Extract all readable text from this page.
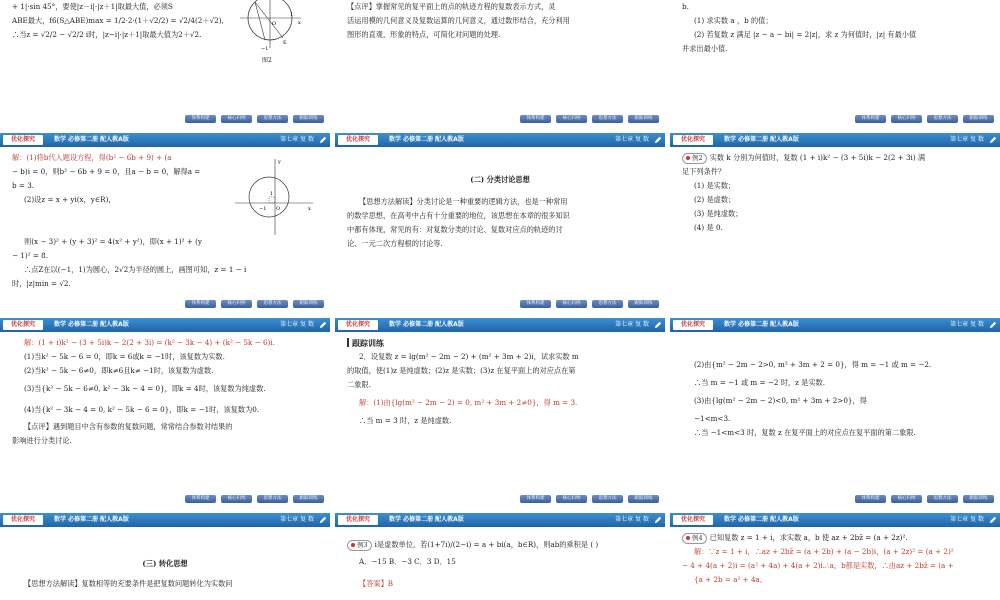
+ 1|·sin 45°，要使|z－i|·|z＋1|取最大值，必须S

ABE最大，f6(S△ABE)max = 1/2·2·(1＋√2/2) = √2/4(2＋√2),

∴当z = √2/2 − √2/2 i时，|z−i|·|z＋1|取最大值为2＋√2.

O
1
x
−1
E
图2
体系构建	核心归纳	思想方法	跟踪训练

【点评】掌握常见的复平面上的点的轨迹方程的复数表示方式，灵

活运用模的几何意义及复数运算的几何意义，通过数形结合，充分利用

图形的直观、形象的特点，可简化对问题的处理.

体系构建	核心归纳	思想方法	跟踪训练

b.

(1) 求实数 a ，b 的值；

(2) 若复数 z 满足 |z − a − bi| = 2|z|，求 z 为何值时，|z| 有最小值

并求出最小值.

体系构建	核心归纳	思想方法	跟踪训练
优化探究	数学 必修第二册 配人教A版	第七章 复 数

解：(1)将b代入题设方程，得(b² − 6b + 9) + (a

− b)i = 0，则b² − 6b + 9 = 0，且a − b = 0，解得a =

b = 3.

(2)设z = x + yi(x，y∈R)，

则(x − 3)² + (y + 3)² = 4(x² + y²)，即(x + 1)² + (y

− 1)² = 8.

∴点Z在以(−1，1)为圆心，2√2为半径的圆上，画图可知，z = 1 − i

时，|z|min = √2.

y
1
−1 O	x
体系构建	核心归纳	思想方法	跟踪训练
优化探究	数学 必修第二册 配人教A版	第七章 复 数

(二) 分类讨论思想

【思想方法解读】分类讨论是一种重要的逻辑方法，也是一种常用

的数学思想，在高考中占有十分重要的地位，该思想在本章的很多知识

中都有体现，常见的有：对复数分类的讨论、复数对应点的轨迹的讨

论、一元二次方程根的讨论等.

体系构建	核心归纳	思想方法	跟踪训练
优化探究	数学 必修第二册 配人教A版	第七章 复 数

例2 实数 k 分别为何值时，复数 (1 + i)k² − (3 + 5i)k − 2(2 + 3i) 满

足下列条件？

(1) 是实数；

(2) 是虚数；

(3) 是纯虚数；

(4) 是 0.

优化探究	数学 必修第二册 配人教A版	第七章 复 数

解：(1 + i)k² − (3 + 5i)k − 2(2 + 3i) = (k² − 3k − 4) + (k² − 5k − 6)i.

(1)当k² − 5k − 6 = 0，即k = 6或k = −1时，该复数为实数.

(2)当k² − 5k − 6≠0，即k≠6且k≠ −1时，该复数为虚数.

(3)当{k² − 5k − 6≠0, k² − 3k − 4 = 0}，即k = 4时，该复数为纯虚数.

(4)当{k² − 3k − 4 = 0, k² − 5k − 6 = 0}，即k = −1时，该复数为0.

【点评】遇到题目中含有参数的复数问题，常常结合参数对结果的

影响进行分类讨论.

体系构建	核心归纳	思想方法	跟踪训练
优化探究	数学 必修第二册 配人教A版	第七章 复 数

跟踪训练

2．设复数 z = lg(m² − 2m − 2) + (m² + 3m + 2)i，试求实数 m

的取值，使(1)z 是纯虚数；(2)z 是实数；(3)z 在复平面上的对应点在第

二象限.

解：(1)由{lg(m² − 2m − 2) = 0, m² + 3m + 2≠0}，得 m = 3.

∴当 m = 3 时，z 是纯虚数.

体系构建	核心归纳	思想方法	跟踪训练
优化探究	数学 必修第二册 配人教A版	第七章 复 数

(2)由{m² − 2m − 2>0, m² + 3m + 2 = 0}，得 m = −1 或 m = −2.

∴当 m = −1 或 m = −2 时，z 是实数.

(3)由{lg(m² − 2m − 2)<0, m² + 3m + 2>0}，得

−1<m<3.

∴当 −1<m<3 时，复数 z 在复平面上的对应点在复平面的第二象限.

体系构建	核心归纳	思想方法	跟踪训练
优化探究	数学 必修第二册 配人教A版	第七章 复 数

(三) 转化思想

【思想方法解读】复数相等的充要条件是把复数问题转化为实数问

优化探究	数学 必修第二册 配人教A版	第七章 复 数

例3 i是虚数单位，若(1+7i)/(2−i) = a + bi(a，b∈R)，则ab的乘积是 ( )

A．−15 B．−3 C．3 D．15

【答案】B

优化探究	数学 必修第二册 配人教A版	第七章 复 数

例4 已知复数 z = 1 + i，求实数 a，b 使 az + 2bz̄ = (a + 2z)².

解：∵z = 1 + i，∴az + 2bz̄ = (a + 2b) + (a − 2b)i，(a + 2z)² = (a + 2)²

− 4 + 4(a + 2)i = (a² + 4a) + 4(a + 2)i.∴a，b都是实数，∴由az + 2bz̄ = (a +

{a + 2b = a² + 4a,
